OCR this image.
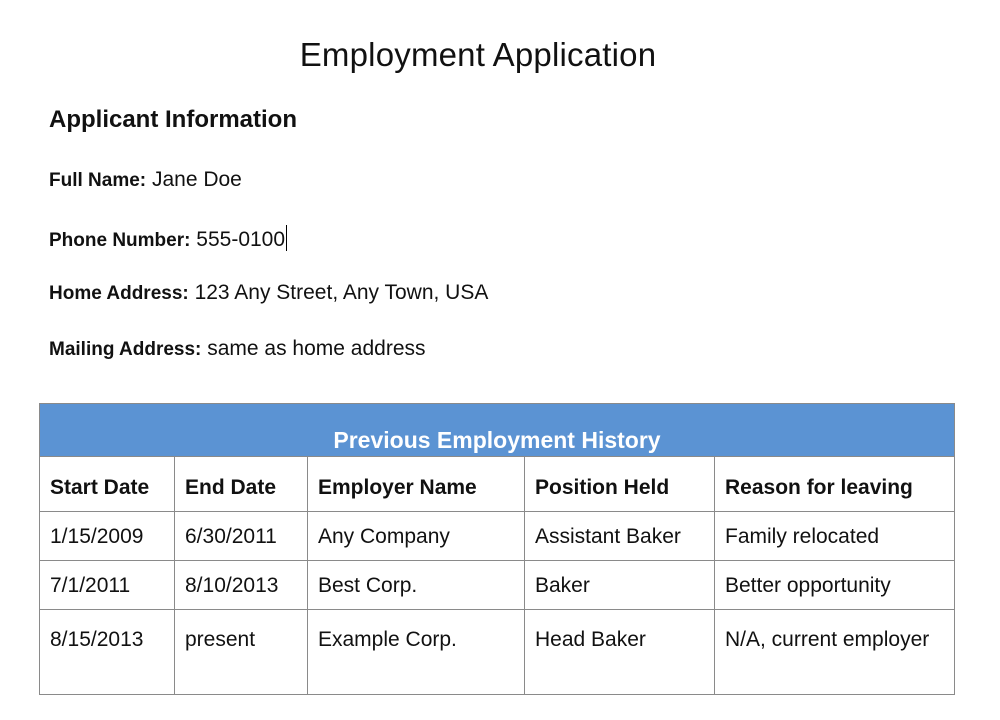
Employment Application
Applicant Information
Full Name: Jane Doe
Phone Number: 555-0100
Home Address: 123 Any Street, Any Town, USA
Mailing Address: same as home address
Previous Employment History				
Start Date	End Date	Employer Name	Position Held	Reason for leaving
1/15/2009	6/30/2011	Any Company	Assistant Baker	Family relocated
7/1/2011	8/10/2013	Best Corp.	Baker	Better opportunity
8/15/2013	present	Example Corp.	Head Baker	N/A, current employer
